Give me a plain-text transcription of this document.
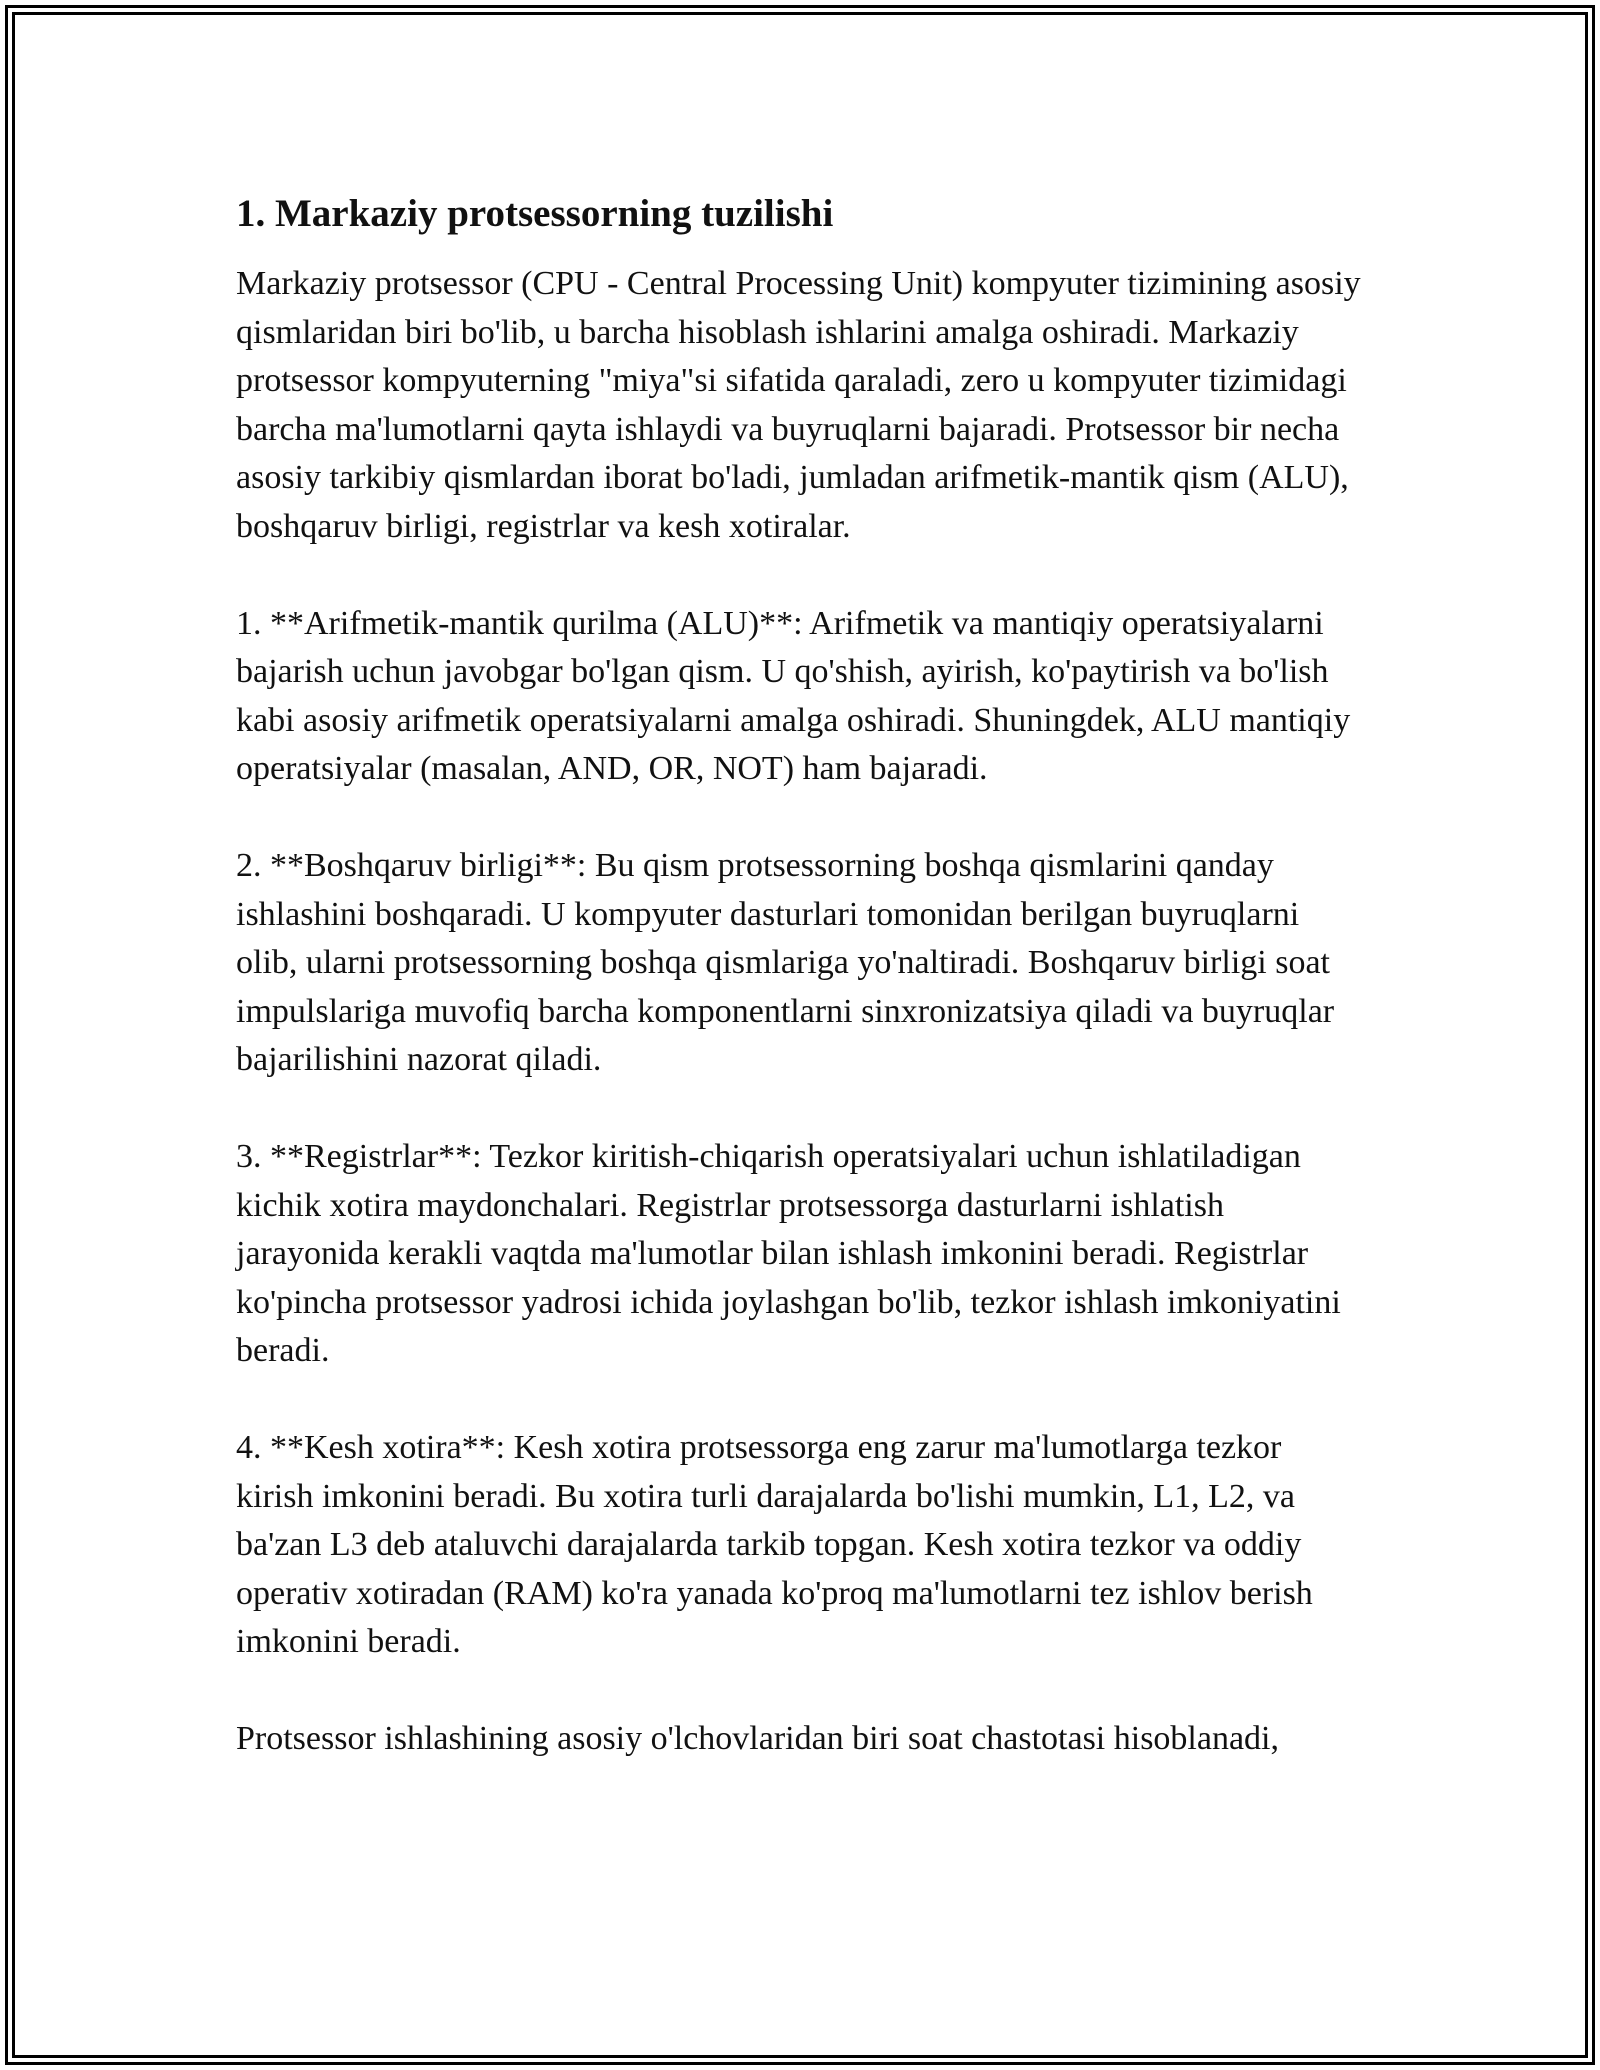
1. Markaziy protsessorning tuzilishi

Markaziy protsessor (CPU - Central Processing Unit) kompyuter tizimining asosiy qismlaridan biri bo'lib, u barcha hisoblash ishlarini amalga oshiradi. Markaziy protsessor kompyuterning "miya"si sifatida qaraladi, zero u kompyuter tizimidagi barcha ma'lumotlarni qayta ishlaydi va buyruqlarni bajaradi. Protsessor bir necha asosiy tarkibiy qismlardan iborat bo'ladi, jumladan arifmetik-mantik qism (ALU), boshqaruv birligi, registrlar va kesh xotiralar.

1. **Arifmetik-mantik qurilma (ALU)**: Arifmetik va mantiqiy operatsiyalarni bajarish uchun javobgar bo'lgan qism. U qo'shish, ayirish, ko'paytirish va bo'lish kabi asosiy arifmetik operatsiyalarni amalga oshiradi. Shuningdek, ALU mantiqiy operatsiyalar (masalan, AND, OR, NOT) ham bajaradi.

2. **Boshqaruv birligi**: Bu qism protsessorning boshqa qismlarini qanday ishlashini boshqaradi. U kompyuter dasturlari tomonidan berilgan buyruqlarni olib, ularni protsessorning boshqa qismlariga yo'naltiradi. Boshqaruv birligi soat impulslariga muvofiq barcha komponentlarni sinxronizatsiya qiladi va buyruqlar bajarilishini nazorat qiladi.

3. **Registrlar**: Tezkor kiritish-chiqarish operatsiyalari uchun ishlatiladigan kichik xotira maydonchalari. Registrlar protsessorga dasturlarni ishlatish jarayonida kerakli vaqtda ma'lumotlar bilan ishlash imkonini beradi. Registrlar ko'pincha protsessor yadrosi ichida joylashgan bo'lib, tezkor ishlash imkoniyatini beradi.

4. **Kesh xotira**: Kesh xotira protsessorga eng zarur ma'lumotlarga tezkor kirish imkonini beradi. Bu xotira turli darajalarda bo'lishi mumkin, L1, L2, va ba'zan L3 deb ataluvchi darajalarda tarkib topgan. Kesh xotira tezkor va oddiy operativ xotiradan (RAM) ko'ra yanada ko'proq ma'lumotlarni tez ishlov berish imkonini beradi.

Protsessor ishlashining asosiy o'lchovlaridan biri soat chastotasi hisoblanadi,
